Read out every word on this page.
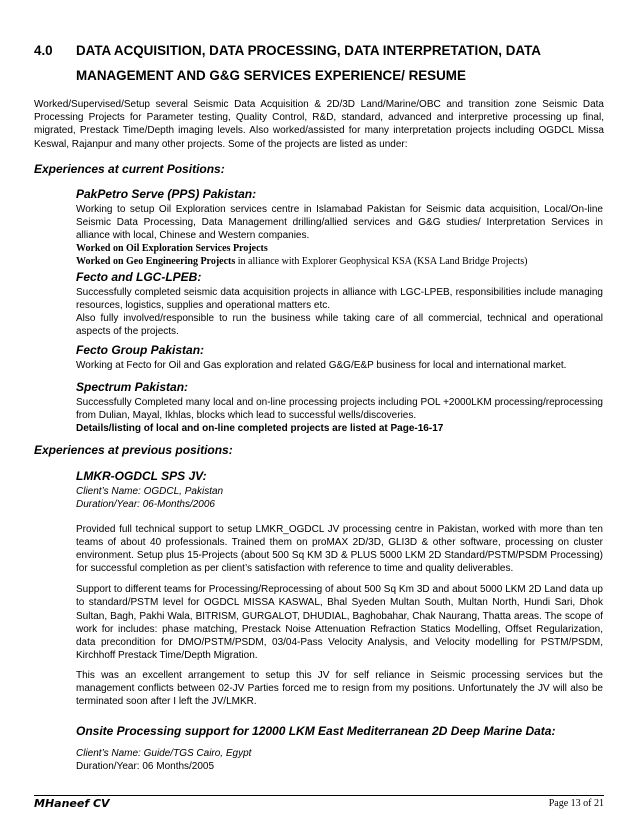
4.0 DATA ACQUISITION, DATA PROCESSING, DATA INTERPRETATION, DATA
MANAGEMENT AND G&G SERVICES EXPERIENCE/ RESUME
Worked/Supervised/Setup several Seismic Data Acquisition & 2D/3D Land/Marine/OBC and transition zone Seismic Data Processing Projects for Parameter testing, Quality Control, R&D, standard, advanced and interpretive processing up final, migrated, Prestack Time/Depth imaging levels. Also worked/assisted for many interpretation projects including OGDCL Missa Keswal, Rajanpur and many other projects. Some of the projects are listed as under:
Experiences at current Positions:
PakPetro Serve (PPS) Pakistan:
Working to setup Oil Exploration services centre in Islamabad Pakistan for Seismic data acquisition, Local/On-line Seismic Data Processing, Data Management drilling/allied services and G&G studies/ Interpretation Services in alliance with local, Chinese and Western companies.
Worked on Oil Exploration Services Projects
Worked on Geo Engineering Projects in alliance with Explorer Geophysical KSA (KSA Land Bridge Projects)
Fecto and LGC-LPEB:
Successfully completed seismic data acquisition projects in alliance with LGC-LPEB, responsibilities include managing resources, logistics, supplies and operational matters etc.
Also fully involved/responsible to run the business while taking care of all commercial, technical and operational aspects of the projects.
Fecto Group Pakistan:
Working at Fecto for Oil and Gas exploration and related G&G/E&P business for local and international market.
Spectrum Pakistan:
Successfully Completed many local and on-line processing projects including POL +2000LKM processing/reprocessing from Dulian, Mayal, Ikhlas, blocks which lead to successful wells/discoveries.
Details/listing of local and on-line completed projects are listed at Page-16-17
Experiences at previous positions:
LMKR-OGDCL SPS JV:
Client’s Name: OGDCL, Pakistan
Duration/Year: 06-Months/2006

Provided full technical support to setup LMKR_OGDCL JV processing centre in Pakistan, worked with more than ten teams of about 40 professionals. Trained them on proMAX 2D/3D, GLI3D & other software, processing on cluster environment. Setup plus 15-Projects (about 500 Sq KM 3D & PLUS 5000 LKM 2D Standard/PSTM/PSDM Processing) for successful completion as per client’s satisfaction with reference to time and quality deliverables.

Support to different teams for Processing/Reprocessing of about 500 Sq Km 3D and about 5000 LKM 2D Land data up to standard/PSTM level for OGDCL MISSA KASWAL, Bhal Syeden Multan South, Multan North, Hundi Sari, Dhok Sultan, Bagh, Pakhi Wala, BITRISM, GURGALOT, DHUDIAL, Baghobahar, Chak Naurang, Thatta areas. The scope of work for includes: phase matching, Prestack Noise Attenuation Refraction Statics Modelling, Offset Regularization, data precondition for DMO/PSTM/PSDM, 03/04-Pass Velocity Analysis, and Velocity modelling for PSTM/PSDM, Kirchhoff Prestack Time/Depth Migration.

This was an excellent arrangement to setup this JV for self reliance in Seismic processing services but the management conflicts between 02-JV Parties forced me to resign from my positions. Unfortunately the JV will also be terminated soon after I left the JV/LMKR.

Onsite Processing support for 12000 LKM East Mediterranean 2D Deep Marine Data:
Client’s Name: Guide/TGS Cairo, Egypt
Duration/Year: 06 Months/2005
MHaneef CV	Page 13 of 21
